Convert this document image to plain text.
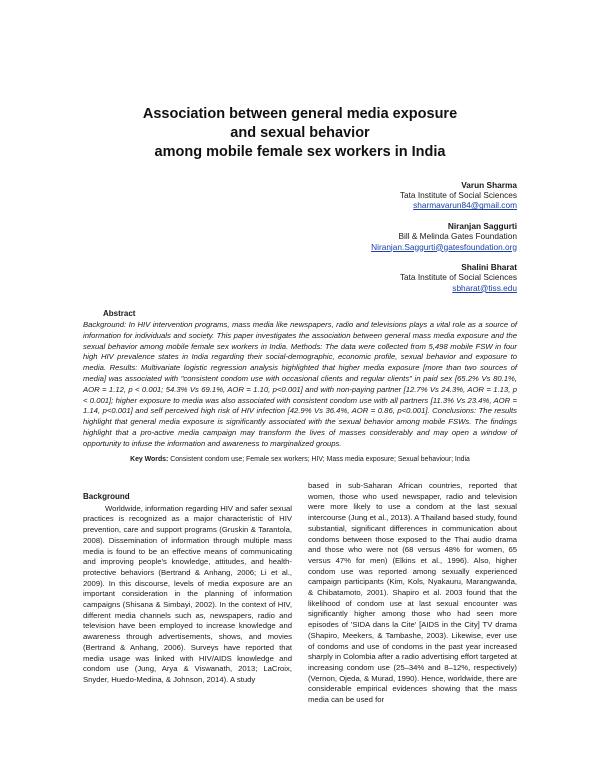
Association between general media exposure
and sexual behavior
among mobile female sex workers in India
Varun Sharma
Tata Institute of Social Sciences
sharmavarun84@gmail.com
Niranjan Saggurti
Bill & Melinda Gates Foundation
Niranjan.Saggurti@gatesfoundation.org
Shalini Bharat
Tata Institute of Social Sciences
sbharat@tiss.edu
Abstract
Background: In HIV intervention programs, mass media like newspapers, radio and televisions plays a vital role as a source of information for individuals and society. This paper investigates the association between general mass media exposure and the sexual behavior among mobile female sex workers in India. Methods: The data were collected from 5,498 mobile FSW in four high HIV prevalence states in India regarding their social-demographic, economic profile, sexual behavior and exposure to media. Results: Multivariate logistic regression analysis highlighted that higher media exposure [more than two sources of media] was associated with "consistent condom use with occasional clients and regular clients" in paid sex [65.2% Vs 80.1%, AOR = 1.12, p < 0.001; 54.3% Vs 69.1%, AOR = 1.10, p<0.001] and with non-paying partner [12.7% Vs 24.3%, AOR = 1.13, p < 0.001]; higher exposure to media was also associated with consistent condom use with all partners [11.3% Vs 23.4%, AOR = 1.14, p<0.001] and self perceived high risk of HIV infection [42.9% Vs 36.4%, AOR = 0.86, p<0.001]. Conclusions: The results highlight that general media exposure is significantly associated with the sexual behavior among mobile FSWs. The findings highlight that a pro-active media campaign may transform the lives of masses considerably and may open a window of opportunity to infuse the information and awareness to marginalized groups.
Key Words: Consistent condom use; Female sex workers; HIV; Mass media exposure; Sexual behaviour; India
Background

Worldwide, information regarding HIV and safer sexual practices is recognized as a major characteristic of HIV prevention, care and support programs (Gruskin & Tarantola, 2008). Dissemination of information through multiple mass media is found to be an effective means of communicating and improving people's knowledge, attitudes, and health-protective behaviors (Bertrand & Anhang, 2006; Li et al., 2009). In this discourse, levels of media exposure are an important consideration in the planning of information campaigns (Shisana & Simbayi, 2002). In the context of HIV, different media channels such as, newspapers, radio and television have been employed to increase knowledge and awareness through advertisements, shows, and movies (Bertrand & Anhang, 2006). Surveys have reported that media usage was linked with HIV/AIDS knowledge and condom use (Jung, Arya & Viswanath, 2013; LaCroix, Snyder, Huedo-Medina, & Johnson, 2014). A study

based in sub-Saharan African countries, reported that women, those who used newspaper, radio and television were more likely to use a condom at the last sexual intercourse (Jung et al., 2013). A Thailand based study, found substantial, significant differences in communication about condoms between those exposed to the Thai audio drama and those who were not (68 versus 48% for women, 65 versus 47% for men) (Elkins et al., 1996). Also, higher condom use was reported among sexually experienced campaign participants (Kim, Kols, Nyakauru, Marangwanda, & Chibatamoto, 2001). Shapiro et al. 2003 found that the likelihood of condom use at last sexual encounter was significantly higher among those who had seen more episodes of 'SIDA dans la Cite' [AIDS in the City] TV drama (Shapiro, Meekers, & Tambashe, 2003). Likewise, ever use of condoms and use of condoms in the past year increased sharply in Colombia after a radio advertising effort targeted at increasing condom use (25–34% and 8–12%, respectively) (Vernon, Ojeda, & Murad, 1990). Hence, worldwide, there are considerable empirical evidences showing that the mass media can be used for
